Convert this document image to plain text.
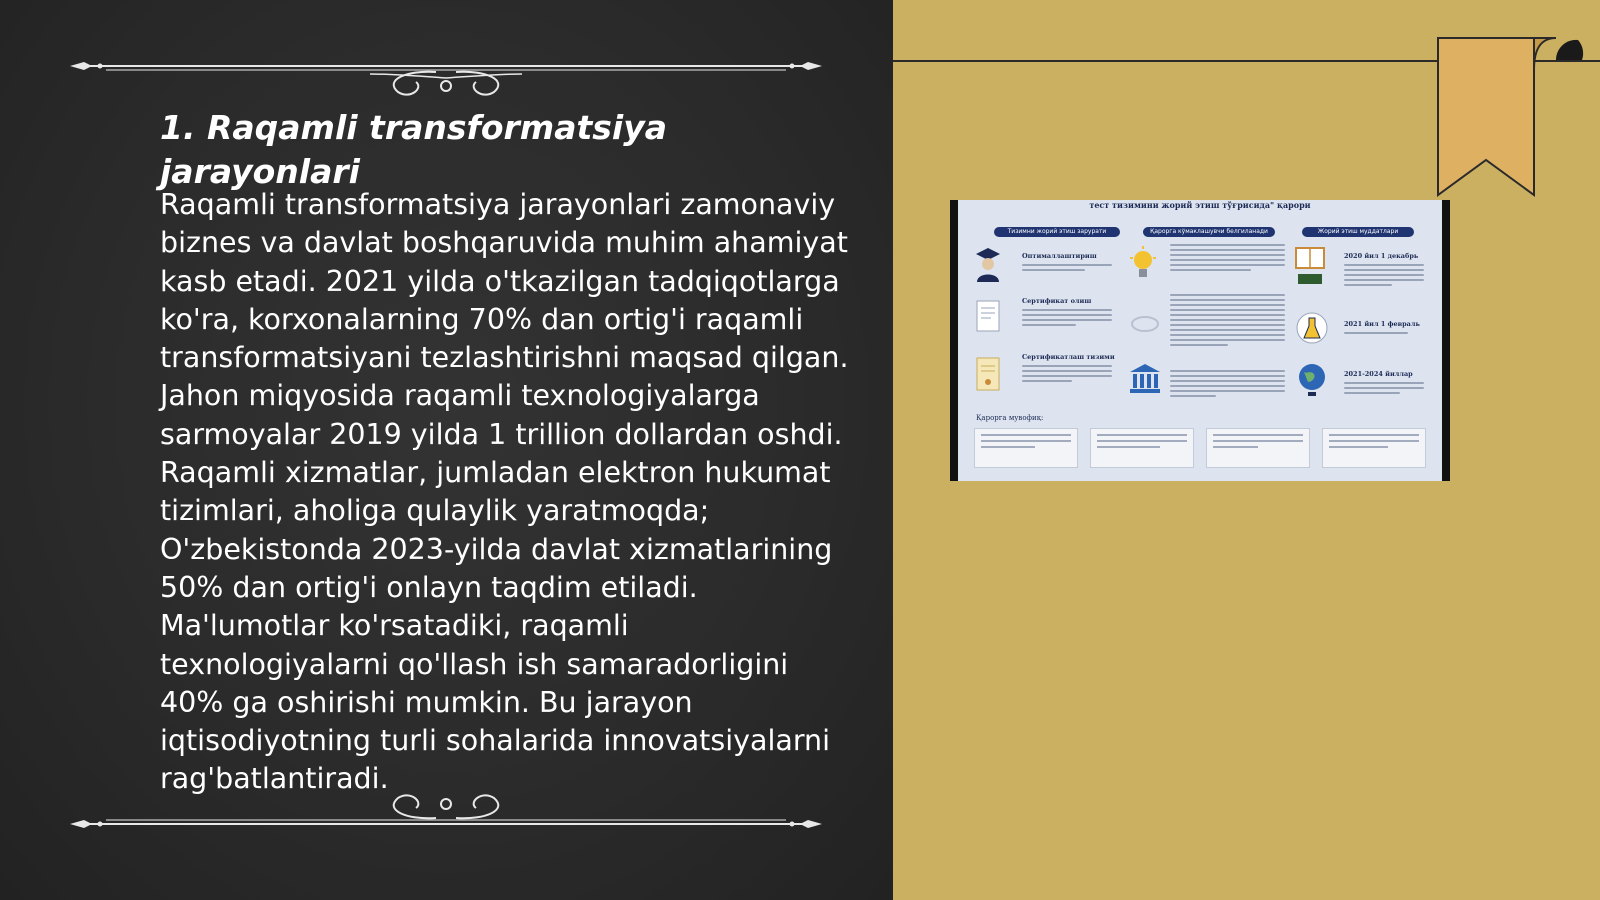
1. Raqamli transformatsiya jarayonlari

Raqamli transformatsiya jarayonlari zamonaviy biznes va davlat boshqaruvida muhim ahamiyat kasb etadi. 2021 yilda o'tkazilgan tadqiqotlarga ko'ra, korxonalarning 70% dan ortig'i raqamli transformatsiyani tezlashtirishni maqsad qilgan. Jahon miqyosida raqamli texnologiyalarga sarmoyalar 2019 yilda 1 trillion dollardan oshdi. Raqamli xizmatlar, jumladan elektron hukumat tizimlari, aholiga qulaylik yaratmoqda; O'zbekistonda 2023-yilda davlat xizmatlarining 50% dan ortig'i onlayn taqdim etiladi. Ma'lumotlar ko'rsatadiki, raqamli texnologiyalarni qo'llash ish samaradorligini 40% ga oshirishi mumkin. Bu jarayon iqtisodiyotning turli sohalarida innovatsiyalarni rag'batlantiradi.

тест тизимини жорий этиш тўғрисида" қарори
Тизимни жорий этиш зарурати	Қарорга кўмаклашувчи белгиланади	Жорий этиш муддатлари
Оптималлаштириш
Сертификат олиш
Сертификатлаш тизими
2020 йил 1 декабрь
2021 йил 1 февраль
2021-2024 йиллар
Қарорга мувофиқ:
